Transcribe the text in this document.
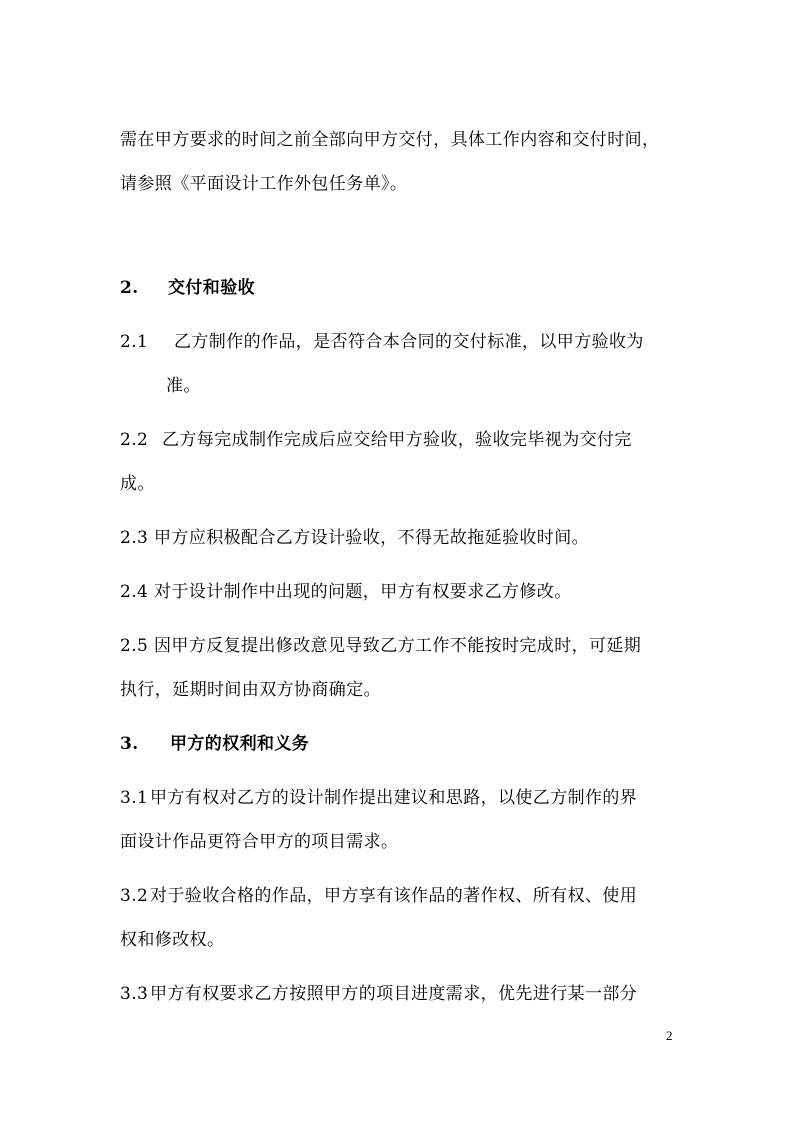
需在甲方要求的时间之前全部向甲方交付，具体工作内容和交付时间，
请参照《平面设计工作外包任务单》。
2. 交付和验收
2.1 乙方制作的作品，是否符合本合同的交付标准，以甲方验收为
准。
2.2 乙方每完成制作完成后应交给甲方验收，验收完毕视为交付完
成。
2.3 甲方应积极配合乙方设计验收，不得无故拖延验收时间。
2.4 对于设计制作中出现的问题，甲方有权要求乙方修改。
2.5 因甲方反复提出修改意见导致乙方工作不能按时完成时，可延期
执行，延期时间由双方协商确定。
3. 甲方的权利和义务
3.1 甲方有权对乙方的设计制作提出建议和思路，以使乙方制作的界
面设计作品更符合甲方的项目需求。
3.2 对于验收合格的作品，甲方享有该作品的著作权、所有权、使用
权和修改权。
3.3 甲方有权要求乙方按照甲方的项目进度需求，优先进行某一部分
2
